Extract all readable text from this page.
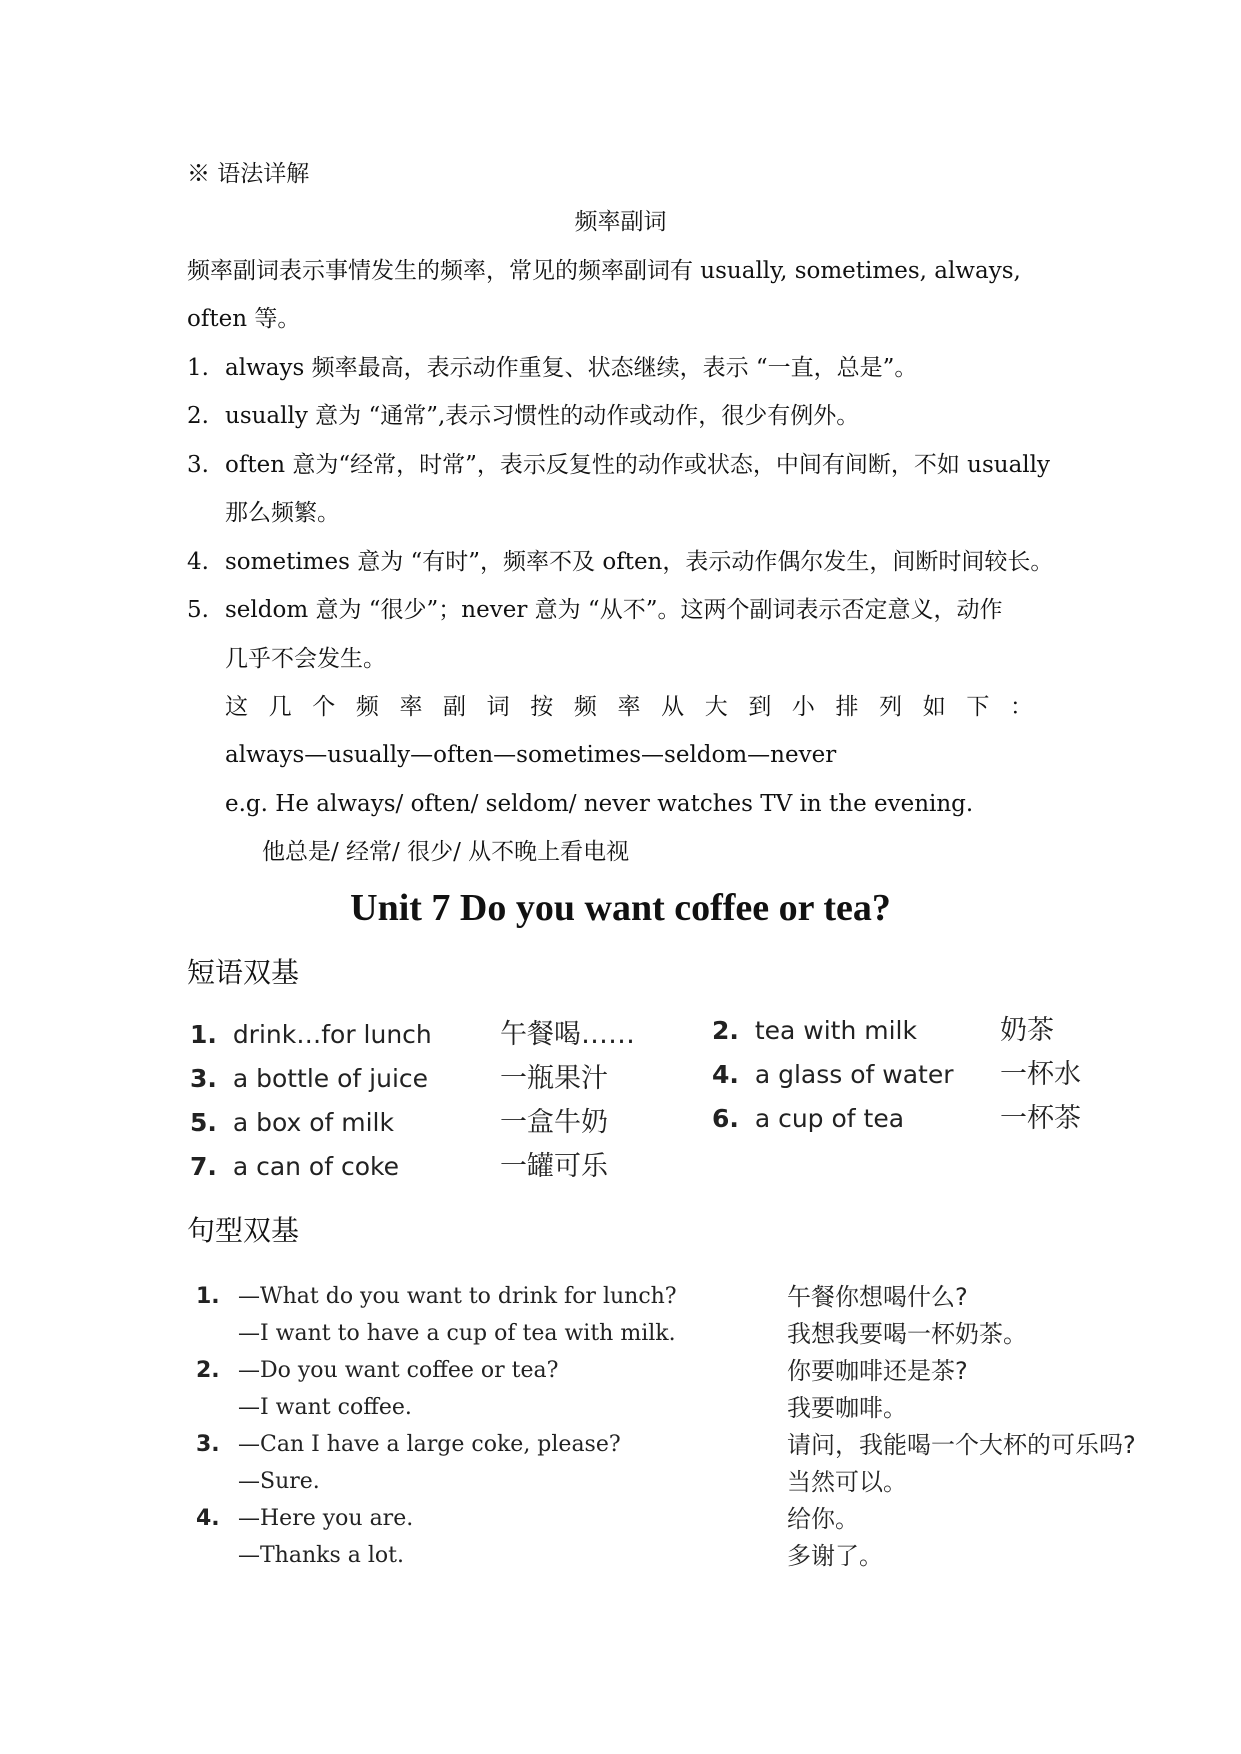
※ 语法详解
频率副词
频率副词表示事情发生的频率，常见的频率副词有 usually, sometimes, always,
often 等。
1. always 频率最高，表示动作重复、状态继续，表示 “一直，总是”。
2. usually 意为 “通常”,表示习惯性的动作或动作，很少有例外。
3. often 意为“经常，时常”，表示反复性的动作或状态，中间有间断，不如 usually
那么频繁。
4. sometimes 意为 “有时”，频率不及 often，表示动作偶尔发生，间断时间较长。
5. seldom 意为 “很少”；never 意为 “从不”。这两个副词表示否定意义，动作
几乎不会发生。
这 几 个 频 率 副 词 按 频 率 从 大 到 小 排 列 如 下 ：
always—usually—often—sometimes—seldom—never
e.g. He always/ often/ seldom/ never watches TV in the evening.
他总是/ 经常/ 很少/ 从不晚上看电视
Unit 7 Do you want coffee or tea?
短语双基
1. drink…for lunch	午餐喝……	2. tea with milk	奶茶
3. a bottle of juice	一瓶果汁	4. a glass of water 一杯水
5. a box of milk	一盒牛奶	6. a cup of tea	一杯茶
7. a can of coke	一罐可乐
句型双基
1. —What do you want to drink for lunch?	午餐你想喝什么?
—I want to have a cup of tea with milk.	我想我要喝一杯奶茶。
2. —Do you want coffee or tea?	你要咖啡还是茶?
—I want coffee.	我要咖啡。
3. —Can I have a large coke, please?	请问，我能喝一个大杯的可乐吗?
—Sure.	当然可以。
4. —Here you are.	给你。
—Thanks a lot.	多谢了。
